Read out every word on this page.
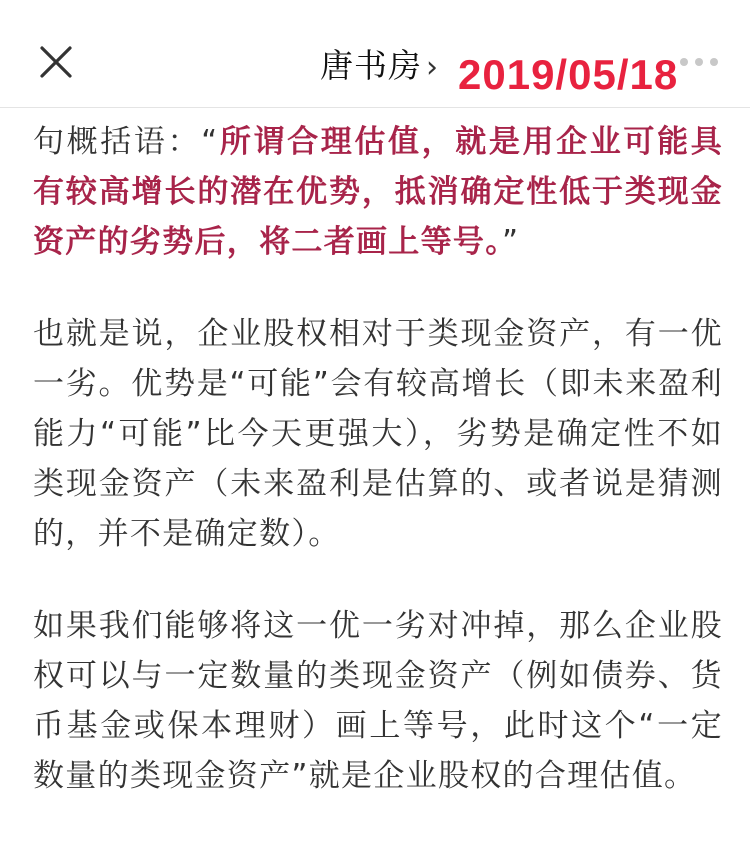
唐书房 › 2019/05/18

句概括语：“所谓合理估值，就是用企业可能具有较高增长的潜在优势，抵消确定性低于类现金资产的劣势后，将二者画上等号。”

也就是说，企业股权相对于类现金资产，有一优一劣。优势是“可能”会有较高增长（即未来盈利能力“可能”比今天更强大），劣势是确定性不如类现金资产（未来盈利是估算的、或者说是猜测的，并不是确定数）。

如果我们能够将这一优一劣对冲掉，那么企业股权可以与一定数量的类现金资产（例如债券、货币基金或保本理财）画上等号，此时这个“一定数量的类现金资产”就是企业股权的合理估值。
